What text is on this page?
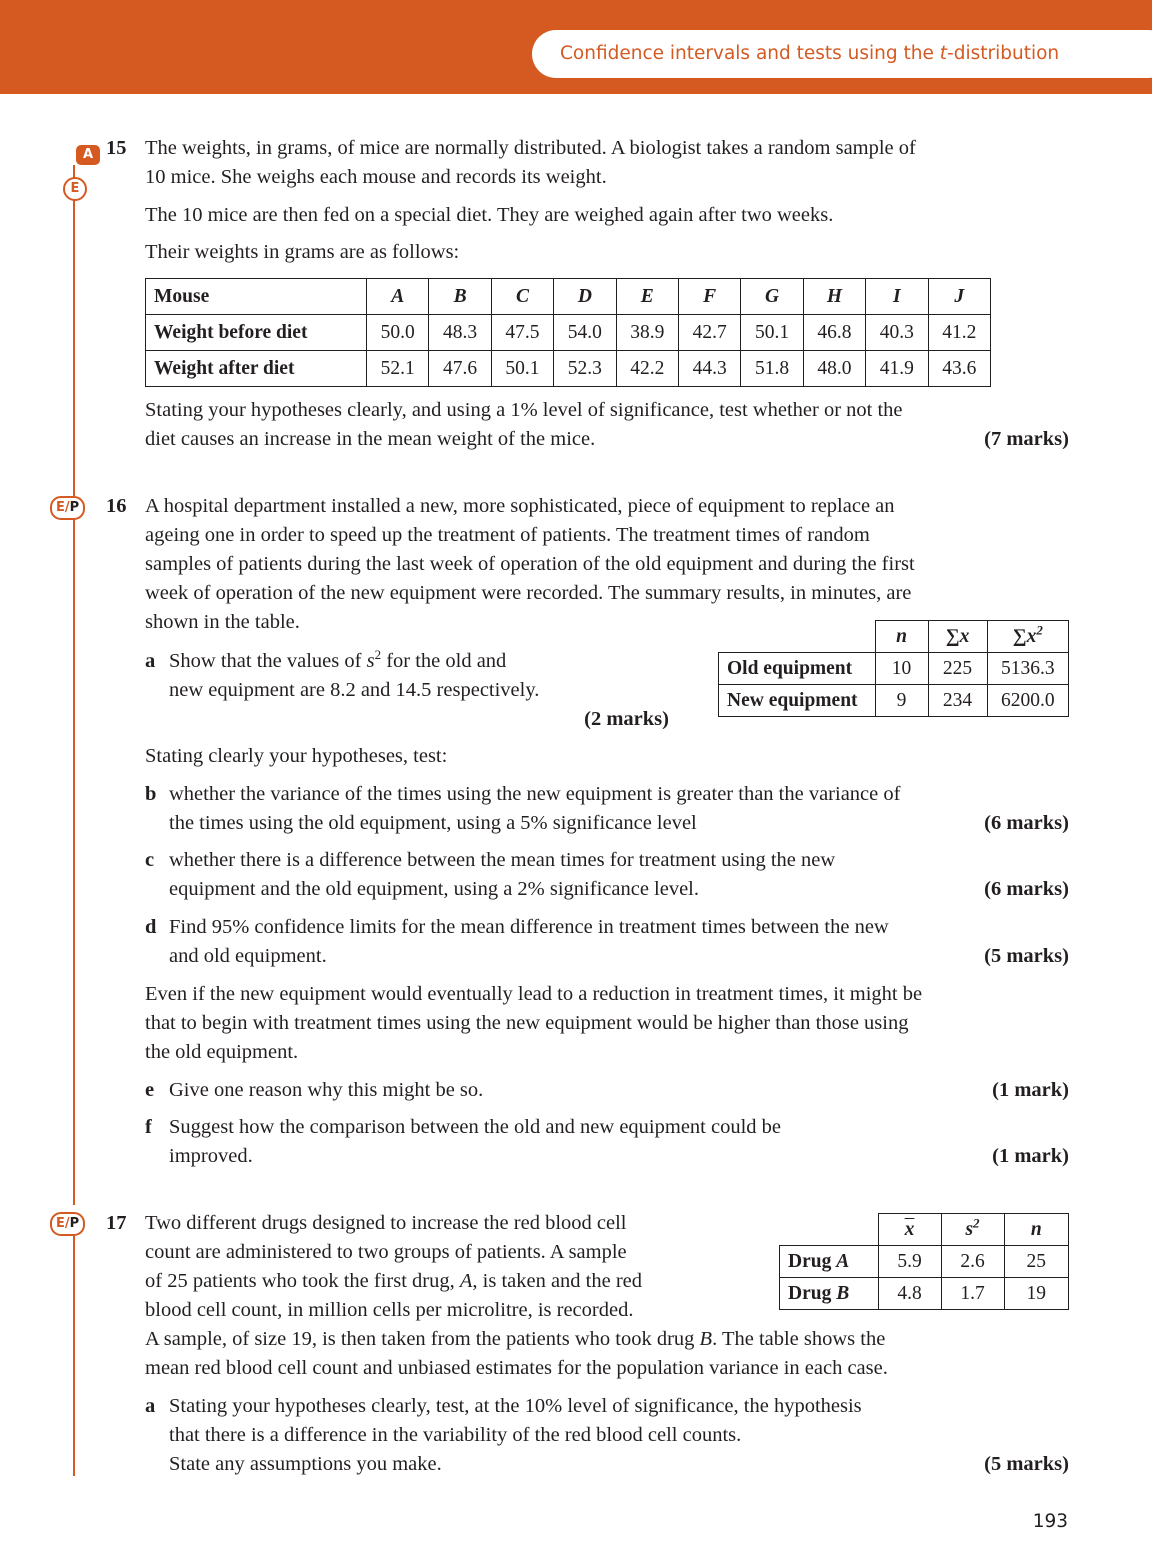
Confidence intervals and tests using the t-distribution
A
E
E/P
E/P
15 The weights, in grams, of mice are normally distributed. A biologist takes a random sample of
10 mice. She weighs each mouse and records its weight.

The 10 mice are then fed on a special diet. They are weighed again after two weeks.

Their weights in grams are as follows:

Mouse	A	B	C	D	E	F	G	H	I	J
Weight before diet	50.0	48.3	47.5	54.0	38.9	42.7	50.1	46.8	40.3	41.2
Weight after diet	52.1	47.6	50.1	52.3	42.2	44.3	51.8	48.0	41.9	43.6

Stating your hypotheses clearly, and using a 1% level of significance, test whether or not the
diet causes an increase in the mean weight of the mice.	(7 marks)

16 A hospital department installed a new, more sophisticated, piece of equipment to replace an
ageing one in order to speed up the treatment of patients. The treatment times of random
samples of patients during the last week of operation of the old equipment and during the first
week of operation of the new equipment were recorded. The summary results, in minutes, are
shown in the table.

	n	∑x	$\sum x^2$
Old equipment	10	225	5136.3
New equipment	9	234	6200.0
a Show that the values of $s^2$ for the old and
new equipment are 8.2 and 14.5 respectively.
(2 marks)

Stating clearly your hypotheses, test:

b whether the variance of the times using the new equipment is greater than the variance of
the times using the old equipment, using a 5% significance level	(6 marks)
c whether there is a difference between the mean times for treatment using the new
equipment and the old equipment, using a 2% significance level.	(6 marks)
d Find 95% confidence limits for the mean difference in treatment times between the new
and old equipment.	(5 marks)

Even if the new equipment would eventually lead to a reduction in treatment times, it might be
that to begin with treatment times using the new equipment would be higher than those using
the old equipment.

e Give one reason why this might be so.	(1 mark)
f Suggest how the comparison between the old and new equipment could be
improved.	(1 mark)
17 Two different drugs designed to increase the red blood cell
count are administered to two groups of patients. A sample
of 25 patients who took the first drug, A, is taken and the red
blood cell count, in million cells per microlitre, is recorded.
A sample, of size 19, is then taken from the patients who took drug B. The table shows the
mean red blood cell count and unbiased estimates for the population variance in each case.

	$\overline{x}$	$s^2$	n
Drug A	5.9	2.6	25
Drug B	4.8	1.7	19
a Stating your hypotheses clearly, test, at the 10% level of significance, the hypothesis
that there is a difference in the variability of the red blood cell counts.
State any assumptions you make.	(5 marks)
193
